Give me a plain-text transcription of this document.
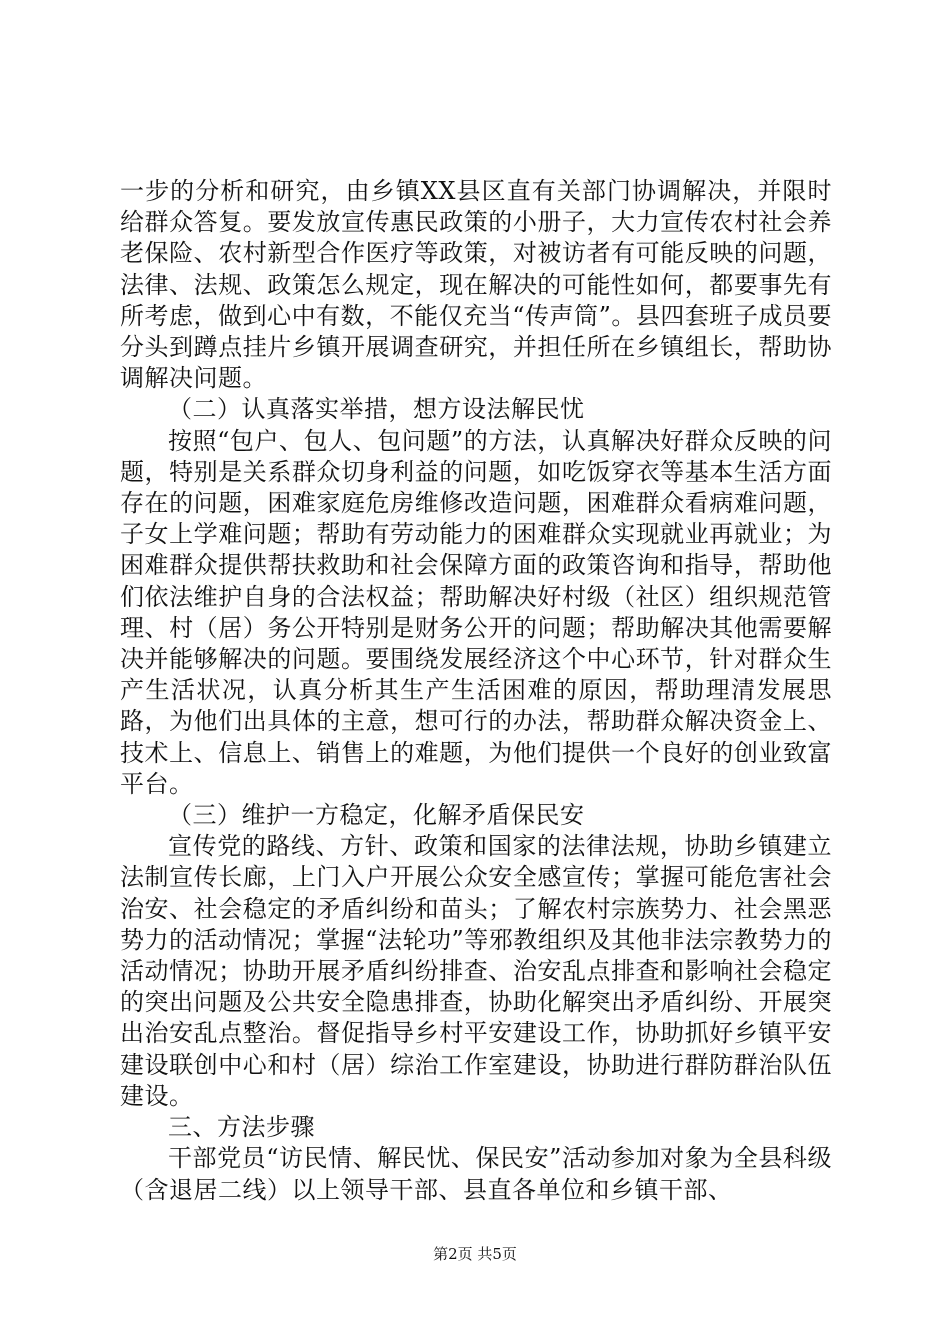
一步的分析和研究，由乡镇XX县区直有关部门协调解决，并限时给群众答复。要发放宣传惠民政策的小册子，大力宣传农村社会养老保险、农村新型合作医疗等政策，对被访者有可能反映的问题，法律、法规、政策怎么规定，现在解决的可能性如何，都要事先有所考虑，做到心中有数，不能仅充当“传声筒”。县四套班子成员要分头到蹲点挂片乡镇开展调查研究，并担任所在乡镇组长，帮助协调解决问题。

（二）认真落实举措，想方设法解民忧

按照“包户、包人、包问题”的方法，认真解决好群众反映的问题，特别是关系群众切身利益的问题，如吃饭穿衣等基本生活方面存在的问题，困难家庭危房维修改造问题，困难群众看病难问题，子女上学难问题；帮助有劳动能力的困难群众实现就业再就业；为困难群众提供帮扶救助和社会保障方面的政策咨询和指导，帮助他们依法维护自身的合法权益；帮助解决好村级（社区）组织规范管理、村（居）务公开特别是财务公开的问题；帮助解决其他需要解决并能够解决的问题。要围绕发展经济这个中心环节，针对群众生产生活状况，认真分析其生产生活困难的原因，帮助理清发展思路，为他们出具体的主意，想可行的办法，帮助群众解决资金上、技术上、信息上、销售上的难题，为他们提供一个良好的创业致富平台。

（三）维护一方稳定，化解矛盾保民安

宣传党的路线、方针、政策和国家的法律法规，协助乡镇建立法制宣传长廊，上门入户开展公众安全感宣传；掌握可能危害社会治安、社会稳定的矛盾纠纷和苗头；了解农村宗族势力、社会黑恶势力的活动情况；掌握“法轮功”等邪教组织及其他非法宗教势力的活动情况；协助开展矛盾纠纷排查、治安乱点排查和影响社会稳定的突出问题及公共安全隐患排查，协助化解突出矛盾纠纷、开展突出治安乱点整治。督促指导乡村平安建设工作，协助抓好乡镇平安建设联创中心和村（居）综治工作室建设，协助进行群防群治队伍建设。

三、方法步骤

干部党员“访民情、解民忧、保民安”活动参加对象为全县科级（含退居二线）以上领导干部、县直各单位和乡镇干部、

第2页 共5页
